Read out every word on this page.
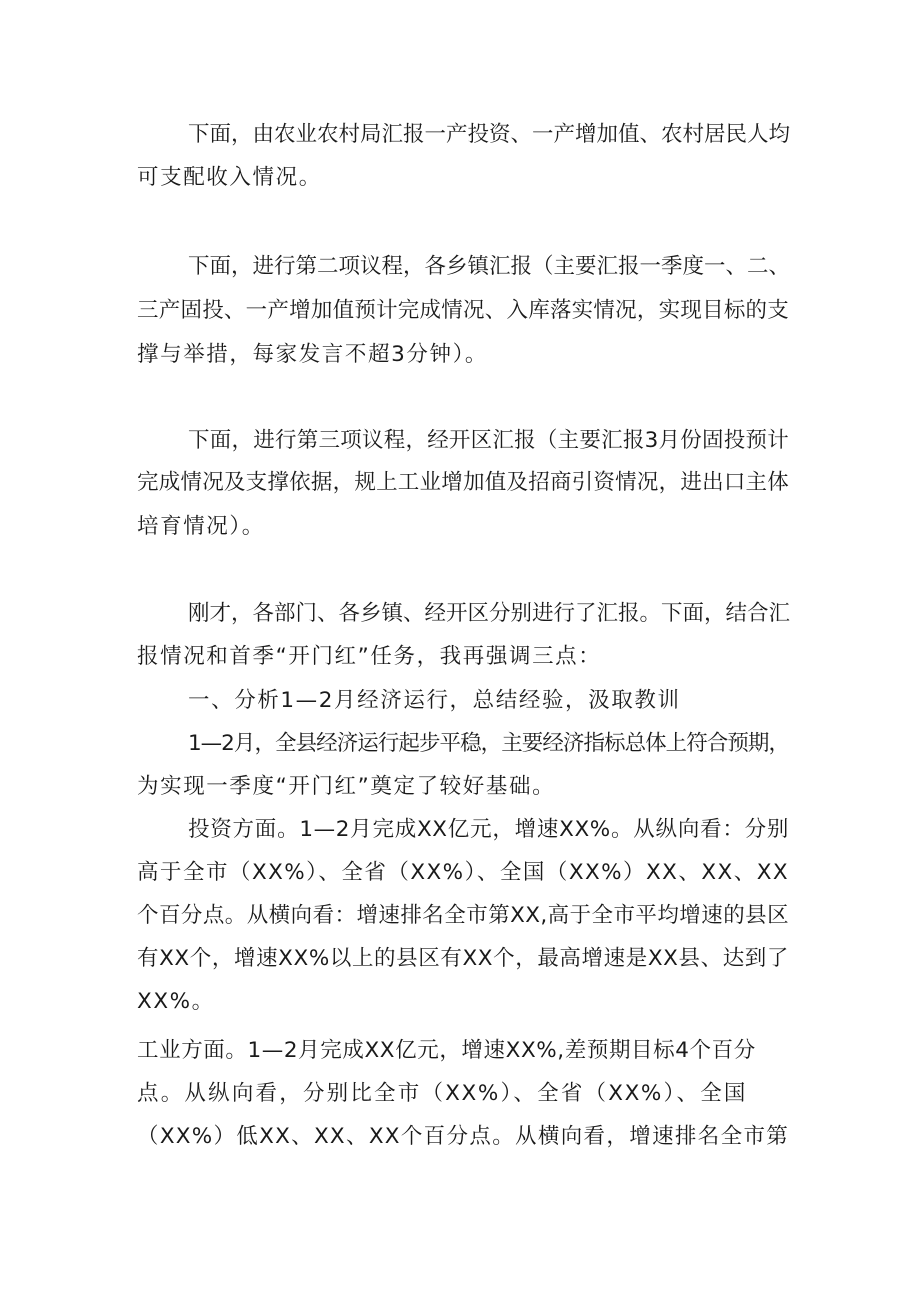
下面，由农业农村局汇报一产投资、一产增加值、农村居民人均
可支配收入情况。
下面，进行第二项议程，各乡镇汇报（主要汇报一季度一、二、
三产固投、一产增加值预计完成情况、入库落实情况，实现目标的支
撑与举措，每家发言不超3分钟）。
下面，进行第三项议程，经开区汇报（主要汇报3月份固投预计
完成情况及支撑依据，规上工业增加值及招商引资情况，进出口主体
培育情况）。
刚才，各部门、各乡镇、经开区分别进行了汇报。下面，结合汇
报情况和首季“开门红”任务，我再强调三点：
一、分析1—2月经济运行，总结经验，汲取教训
1—2月，全县经济运行起步平稳，主要经济指标总体上符合预期，
为实现一季度“开门红”奠定了较好基础。
投资方面。1—2月完成XX亿元，增速XX%。从纵向看：分别
高于全市（XX%）、全省（XX%）、全国（XX%）XX、XX、XX
个百分点。从横向看：增速排名全市第XX,高于全市平均增速的县区
有XX个，增速XX%以上的县区有XX个，最高增速是XX县、达到了
XX%。
工业方面。1—2月完成XX亿元，增速XX%,差预期目标4个百分
点。从纵向看，分别比全市（XX%）、全省（XX%）、全国
（XX%）低XX、XX、XX个百分点。从横向看，增速排名全市第
